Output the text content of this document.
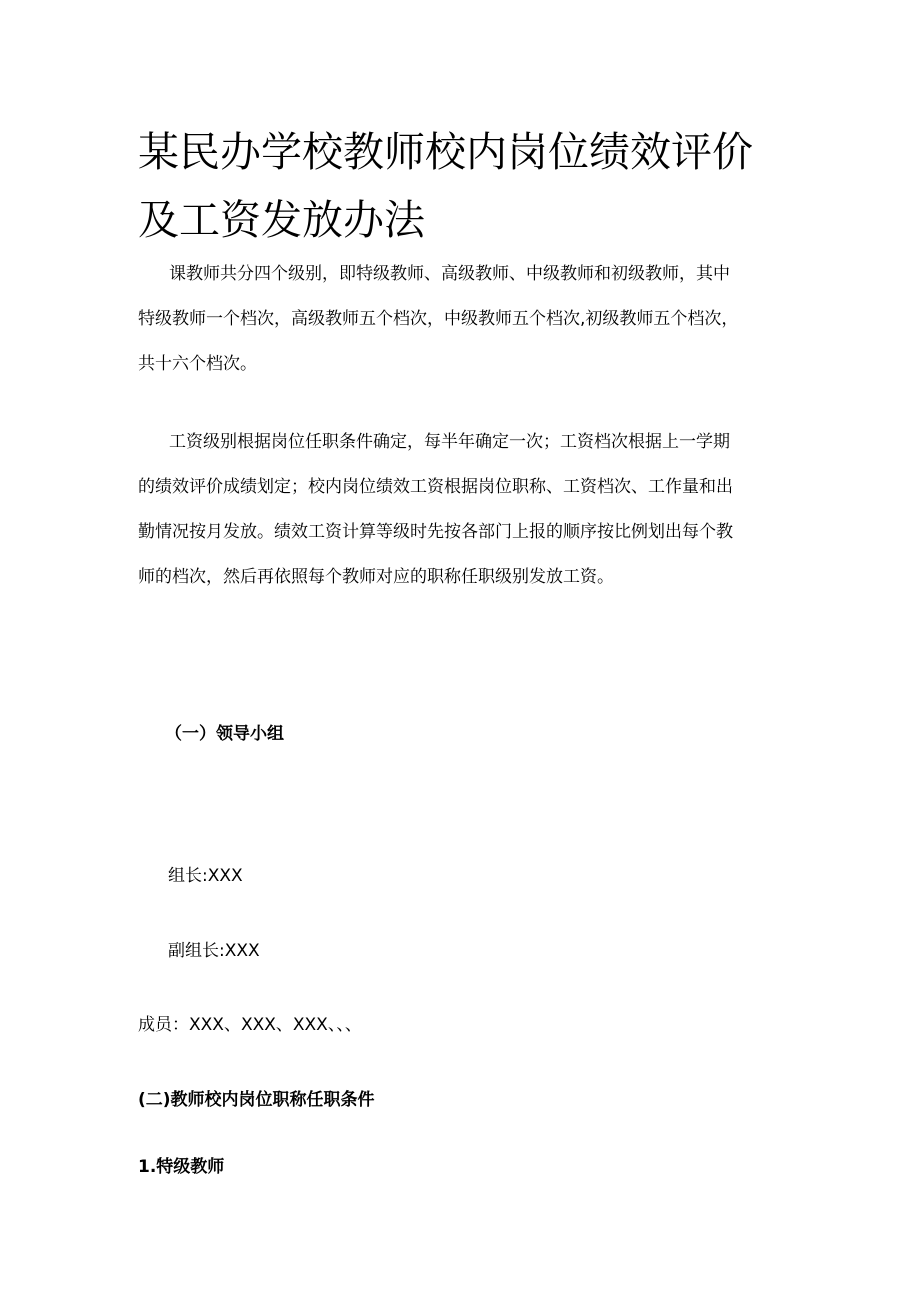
某民办学校教师校内岗位绩效评价
及工资发放办法

课教师共分四个级别，即特级教师、高级教师、中级教师和初级教师，其中
特级教师一个档次，高级教师五个档次，中级教师五个档次,初级教师五个档次，
共十六个档次。

工资级别根据岗位任职条件确定，每半年确定一次；工资档次根据上一学期
的绩效评价成绩划定；校内岗位绩效工资根据岗位职称、工资档次、工作量和出
勤情况按月发放。绩效工资计算等级时先按各部门上报的顺序按比例划出每个教
师的档次，然后再依照每个教师对应的职称任职级别发放工资。

（一）领导小组

组长:XXX

副组长:XXX

成员：XXX、XXX、XXX、、、

(二)教师校内岗位职称任职条件

1.特级教师
